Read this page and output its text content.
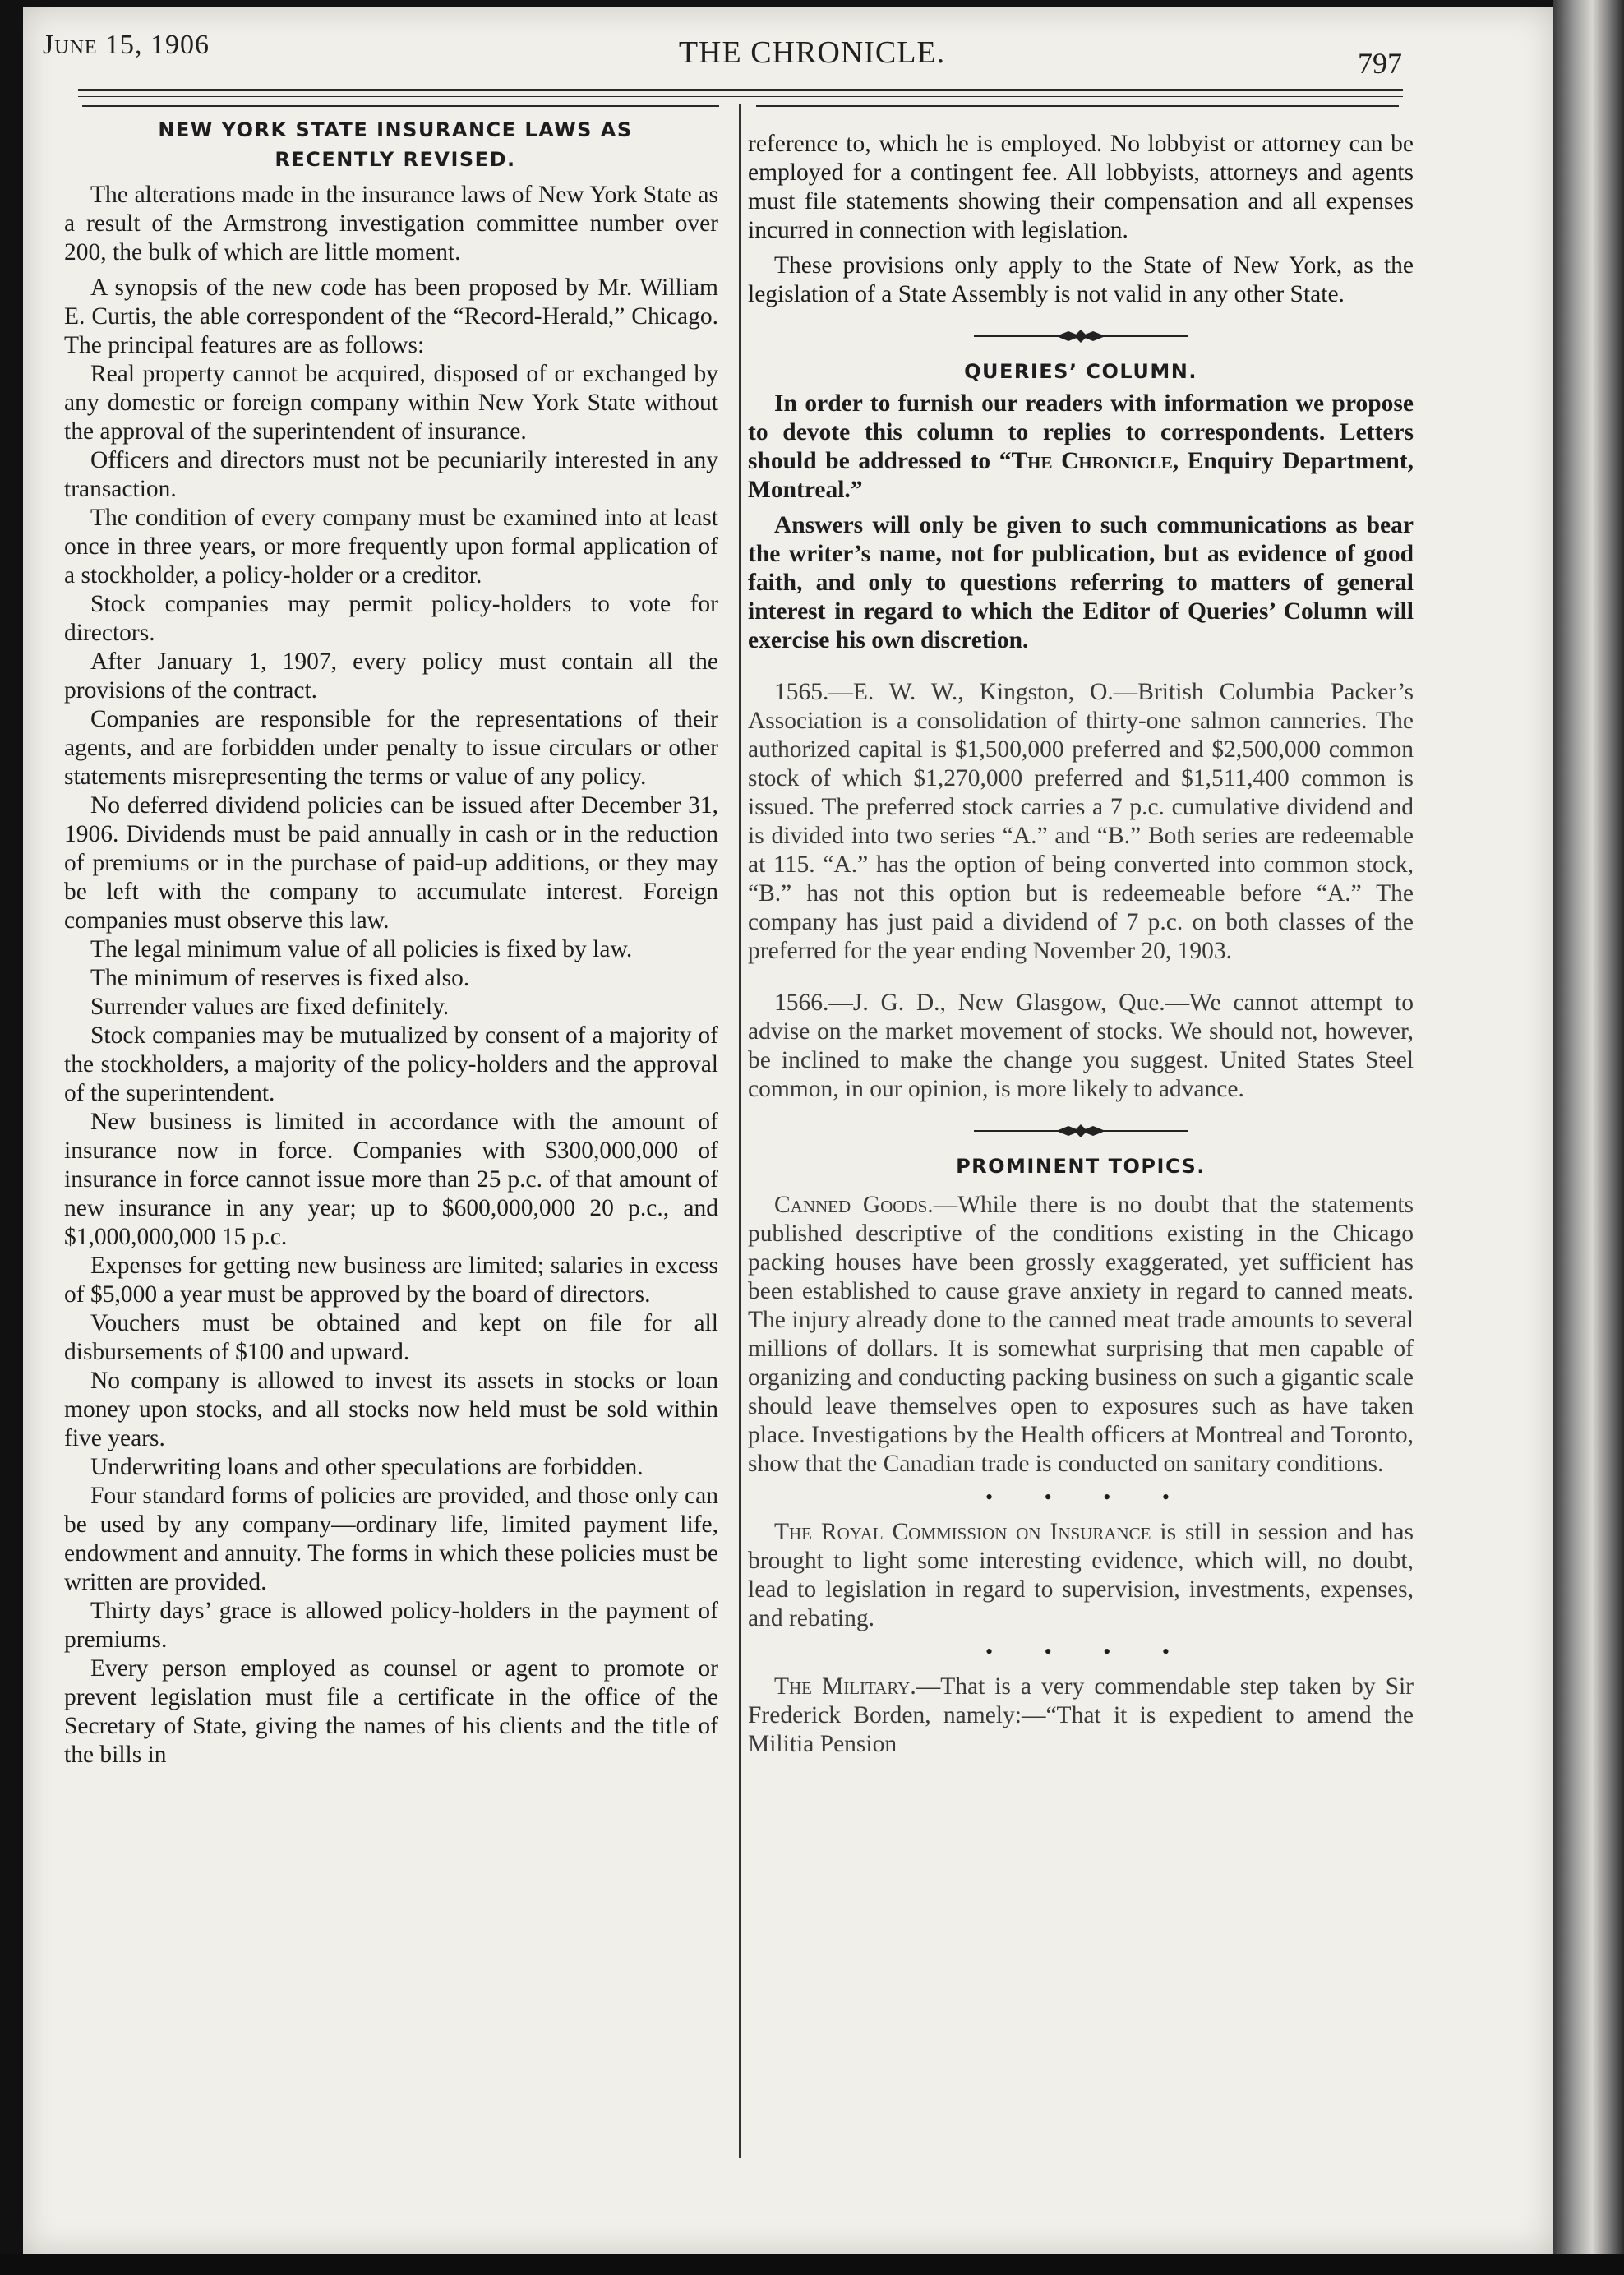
June 15, 1906	THE CHRONICLE.	797

NEW YORK STATE INSURANCE LAWS AS

RECENTLY REVISED.

The alterations made in the insurance laws of New York State as a result of the Armstrong investigation committee number over 200, the bulk of which are little moment.

A synopsis of the new code has been proposed by Mr. William E. Curtis, the able correspondent of the “Record-Herald,” Chicago. The principal features are as follows:

Real property cannot be acquired, disposed of or exchanged by any domestic or foreign company within New York State without the approval of the superintendent of insurance.

Officers and directors must not be pecuniarily interested in any transaction.

The condition of every company must be examined into at least once in three years, or more frequently upon formal application of a stockholder, a policy-holder or a creditor.

Stock companies may permit policy-holders to vote for directors.

After January 1, 1907, every policy must contain all the provisions of the contract.

Companies are responsible for the representations of their agents, and are forbidden under penalty to issue circulars or other statements misrepresenting the terms or value of any policy.

No deferred dividend policies can be issued after December 31, 1906. Dividends must be paid annually in cash or in the reduction of premiums or in the purchase of paid-up additions, or they may be left with the company to accumulate interest. Foreign companies must observe this law.

The legal minimum value of all policies is fixed by law.

The minimum of reserves is fixed also.

Surrender values are fixed definitely.

Stock companies may be mutualized by consent of a majority of the stockholders, a majority of the policy-holders and the approval of the superintendent.

New business is limited in accordance with the amount of insurance now in force. Companies with $300,000,000 of insurance in force cannot issue more than 25 p.c. of that amount of new insurance in any year; up to $600,000,000 20 p.c., and $1,000,000,000 15 p.c.

Expenses for getting new business are limited; salaries in excess of $5,000 a year must be approved by the board of directors.

Vouchers must be obtained and kept on file for all disbursements of $100 and upward.

No company is allowed to invest its assets in stocks or loan money upon stocks, and all stocks now held must be sold within five years.

Underwriting loans and other speculations are forbidden.

Four standard forms of policies are provided, and those only can be used by any company—ordinary life, limited payment life, endowment and annuity. The forms in which these policies must be written are provided.

Thirty days’ grace is allowed policy-holders in the payment of premiums.

Every person employed as counsel or agent to promote or prevent legislation must file a certificate in the office of the Secretary of State, giving the names of his clients and the title of the bills in

reference to, which he is employed. No lobbyist or attorney can be employed for a contingent fee. All lobbyists, attorneys and agents must file statements showing their compensation and all expenses incurred in connection with legislation.

These provisions only apply to the State of New York, as the legislation of a State Assembly is not valid in any other State.

QUERIES’ COLUMN.

In order to furnish our readers with information we propose to devote this column to replies to correspondents. Letters should be addressed to “The Chronicle, Enquiry Department, Montreal.”

Answers will only be given to such communications as bear the writer’s name, not for publication, but as evidence of good faith, and only to questions referring to matters of general interest in regard to which the Editor of Queries’ Column will exercise his own discretion.

1565.—E. W. W., Kingston, O.—British Columbia Packer’s Association is a consolidation of thirty-one salmon canneries. The authorized capital is $1,500,000 preferred and $2,500,000 common stock of which $1,270,000 preferred and $1,511,400 common is issued. The preferred stock carries a 7 p.c. cumulative dividend and is divided into two series “A.” and “B.” Both series are redeemable at 115. “A.” has the option of being converted into common stock, “B.” has not this option but is redeemeable before “A.” The company has just paid a dividend of 7 p.c. on both classes of the preferred for the year ending November 20, 1903.

1566.—J. G. D., New Glasgow, Que.—We cannot attempt to advise on the market movement of stocks. We should not, however, be inclined to make the change you suggest. United States Steel common, in our opinion, is more likely to advance.

PROMINENT TOPICS.

Canned Goods.—While there is no doubt that the statements published descriptive of the conditions existing in the Chicago packing houses have been grossly exaggerated, yet sufficient has been established to cause grave anxiety in regard to canned meats. The injury already done to the canned meat trade amounts to several millions of dollars. It is somewhat surprising that men capable of organizing and conducting packing business on such a gigantic scale should leave themselves open to exposures such as have taken place. Investigations by the Health officers at Montreal and Toronto, show that the Canadian trade is conducted on sanitary conditions.

• • • •

The Royal Commission on Insurance is still in session and has brought to light some interesting evidence, which will, no doubt, lead to legislation in regard to supervision, investments, expenses, and rebating.

• • • •

The Military.—That is a very commendable step taken by Sir Frederick Borden, namely:—“That it is expedient to amend the Militia Pension
